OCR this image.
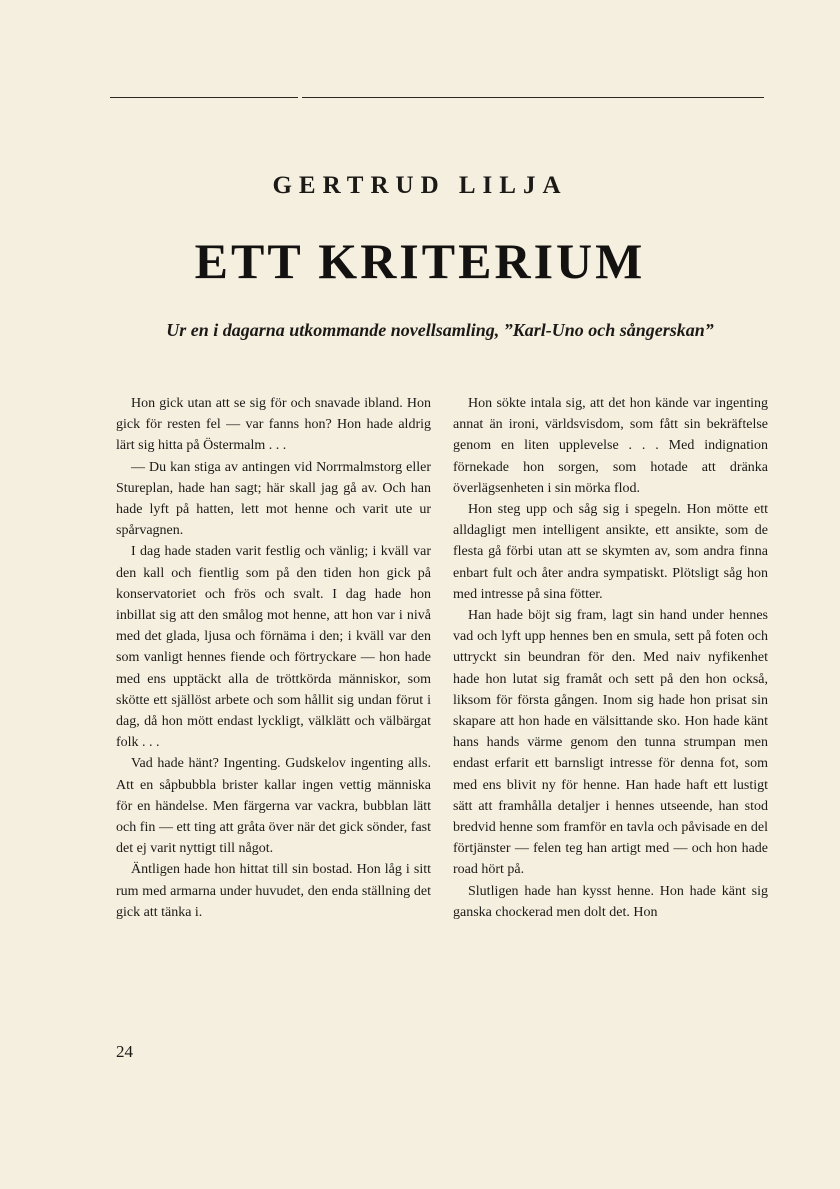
GERTRUD LILJA
ETT KRITERIUM
Ur en i dagarna utkommande novellsamling, ”Karl-Uno och sångerskan”

Hon gick utan att se sig för och snavade ibland. Hon gick för resten fel — var fanns hon? Hon hade aldrig lärt sig hitta på Östermalm . . .

— Du kan stiga av antingen vid Norrmalmstorg eller Stureplan, hade han sagt; här skall jag gå av. Och han hade lyft på hatten, lett mot henne och varit ute ur spårvagnen.

I dag hade staden varit festlig och vänlig; i kväll var den kall och fientlig som på den tiden hon gick på konservatoriet och frös och svalt. I dag hade hon inbillat sig att den smålog mot henne, att hon var i nivå med det glada, ljusa och förnäma i den; i kväll var den som vanligt hennes fiende och förtryckare — hon hade med ens upptäckt alla de tröttkörda människor, som skötte ett själlöst arbete och som hållit sig undan förut i dag, då hon mött endast lyckligt, välklätt och välbärgat folk . . .

Vad hade hänt? Ingenting. Gudskelov ingenting alls. Att en såpbubbla brister kallar ingen vettig människa för en händelse. Men färgerna var vackra, bubblan lätt och fin — ett ting att gråta över när det gick sönder, fast det ej varit nyttigt till något.

Äntligen hade hon hittat till sin bostad. Hon låg i sitt rum med armarna under huvudet, den enda ställning det gick att tänka i.

Hon sökte intala sig, att det hon kände var ingenting annat än ironi, världsvisdom, som fått sin bekräftelse genom en liten upplevelse . . . Med indignation förnekade hon sorgen, som hotade att dränka överlägsenheten i sin mörka flod.

Hon steg upp och såg sig i spegeln. Hon mötte ett alldagligt men intelligent ansikte, ett ansikte, som de flesta gå förbi utan att se skymten av, som andra finna enbart fult och åter andra sympatiskt. Plötsligt såg hon med intresse på sina fötter.

Han hade böjt sig fram, lagt sin hand under hennes vad och lyft upp hennes ben en smula, sett på foten och uttryckt sin beundran för den. Med naiv nyfikenhet hade hon lutat sig framåt och sett på den hon också, liksom för första gången. Inom sig hade hon prisat sin skapare att hon hade en välsittande sko. Hon hade känt hans hands värme genom den tunna strumpan men endast erfarit ett barnsligt intresse för denna fot, som med ens blivit ny för henne. Han hade haft ett lustigt sätt att framhålla detaljer i hennes utseende, han stod bredvid henne som framför en tavla och påvisade en del förtjänster — felen teg han artigt med — och hon hade road hört på.

Slutligen hade han kysst henne. Hon hade känt sig ganska chockerad men dolt det. Hon

24
